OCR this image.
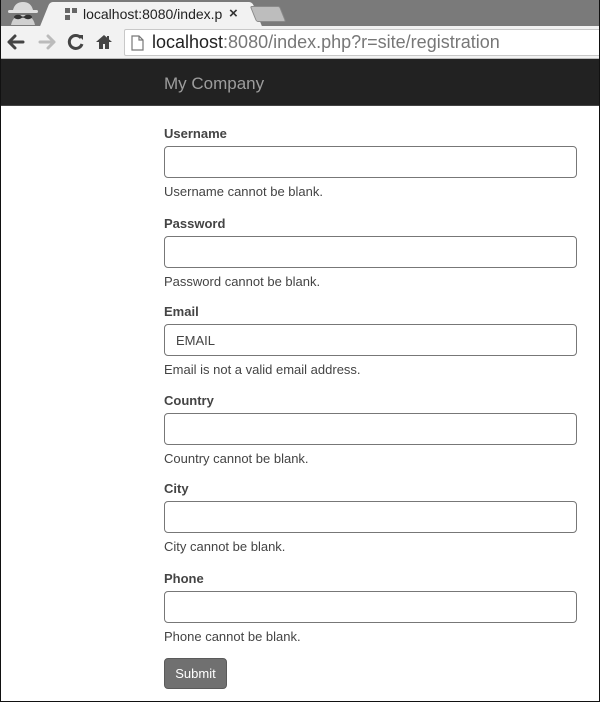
localhost:8080/index.p ×
localhost:8080/index.php?r=site/registration
My Company
Username
Username cannot be blank.
Password
Password cannot be blank.
Email
EMAIL
Email is not a valid email address.
Country
Country cannot be blank.
City
City cannot be blank.
Phone
Phone cannot be blank.
Submit
